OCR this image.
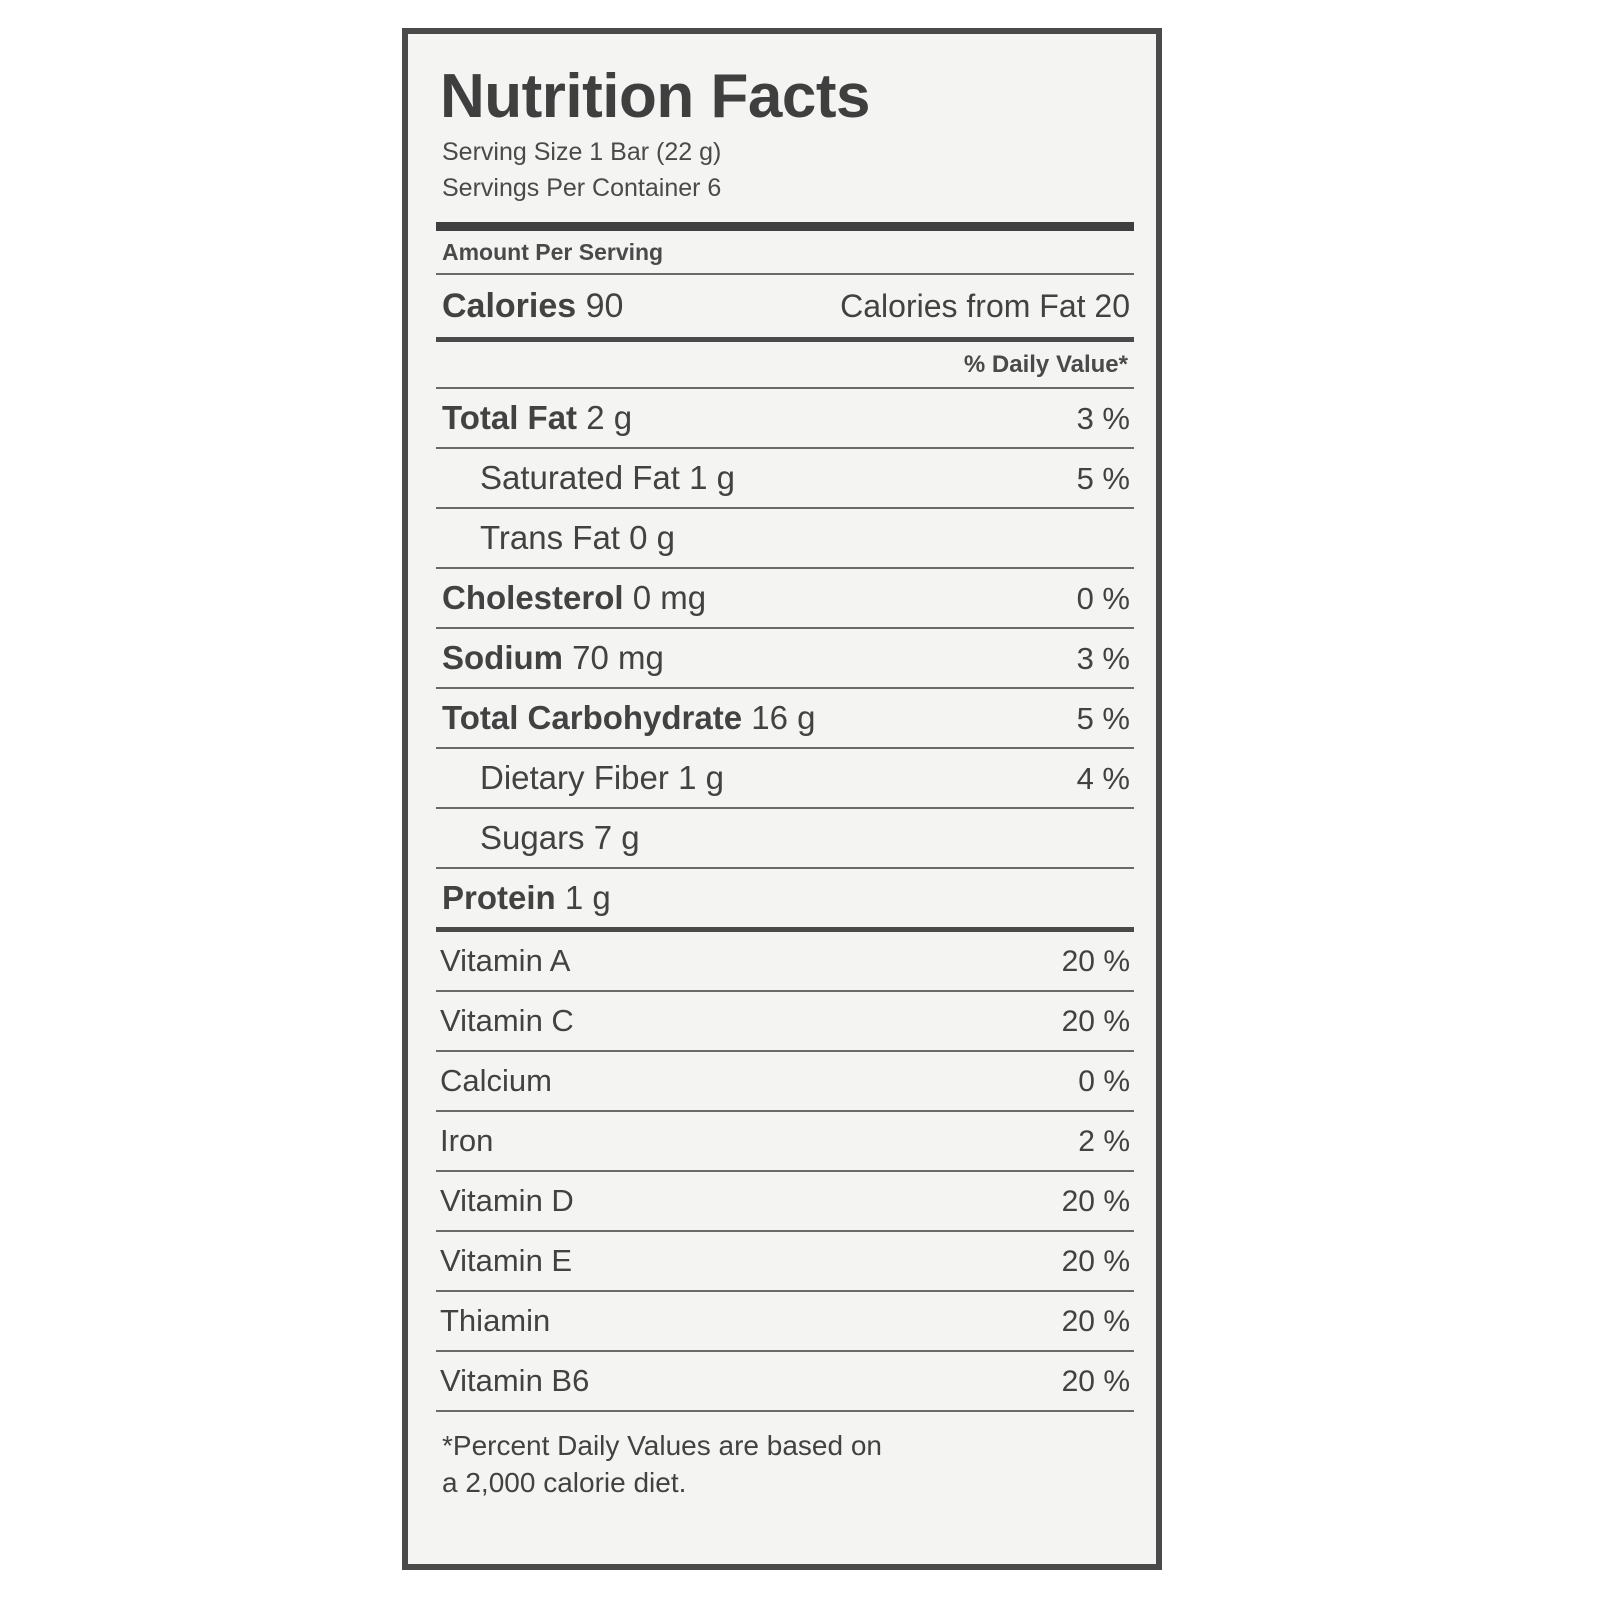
Nutrition Facts
Serving Size 1 Bar (22 g)
Servings Per Container 6
Amount Per Serving
Calories 90	Calories from Fat 20
% Daily Value*
Total Fat 2 g	3 %
Saturated Fat 1 g	5 %
Trans Fat 0 g
Cholesterol 0 mg	0 %
Sodium 70 mg	3 %
Total Carbohydrate 16 g	5 %
Dietary Fiber 1 g	4 %
Sugars 7 g
Protein 1 g
Vitamin A	20 %
Vitamin C	20 %
Calcium	0 %
Iron	2 %
Vitamin D	20 %
Vitamin E	20 %
Thiamin	20 %
Vitamin B6	20 %
*Percent Daily Values are based on
a 2,000 calorie diet.
